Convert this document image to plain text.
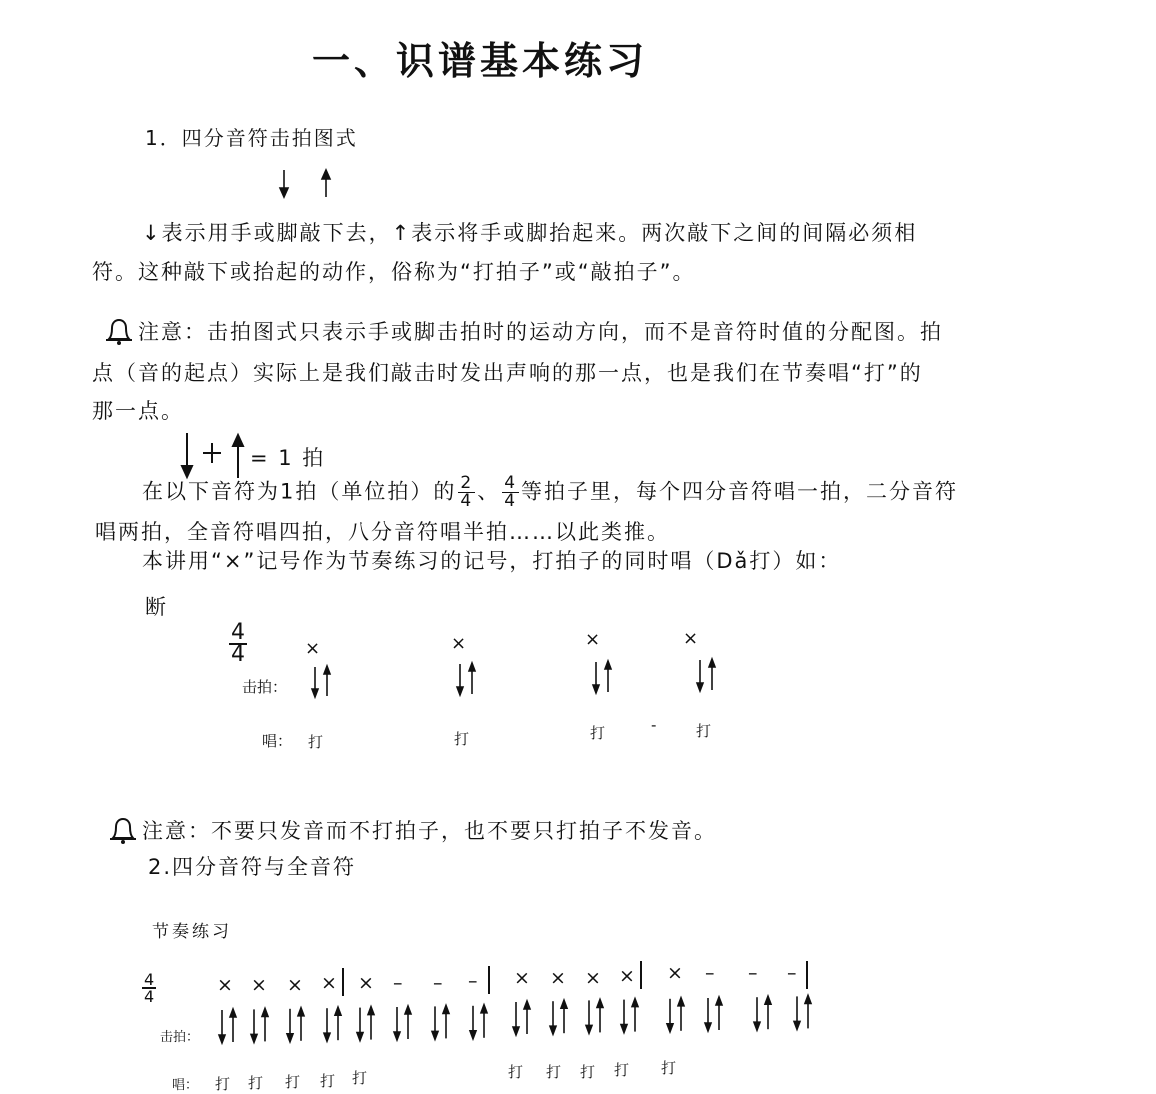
一、识谱基本练习
1．四分音符击拍图式
↓表示用手或脚敲下去，↑表示将手或脚抬起来。两次敲下之间的间隔必须相
符。这种敲下或抬起的动作，俗称为“打拍子”或“敲拍子”。
注意：击拍图式只表示手或脚击拍时的运动方向，而不是音符时值的分配图。拍
点（音的起点）实际上是我们敲击时发出声响的那一点，也是我们在节奏唱“打”的
那一点。
= 1 拍
在以下音符为1拍（单位拍）的 $\frac{2}{4}$ 、 $\frac{4}{4}$ 等拍子里，每个四分音符唱一拍，二分音符
唱两拍，全音符唱四拍，八分音符唱半拍……以此类推。
本讲用“×”记号作为节奏练习的记号，打拍子的同时唱（Dǎ打）如：
断
$\frac{4}{4}$	×	×	×	×
击拍：
唱： 打	打	打	-	打
注意：不要只发音而不打拍子，也不要只打拍子不发音。
2.四分音符与全音符
节奏练习
$\frac{4}{4}$	× × × × × – – – × × × × × – – –
击拍：
唱： 打 打 打 打 打	打 打 打 打 打
